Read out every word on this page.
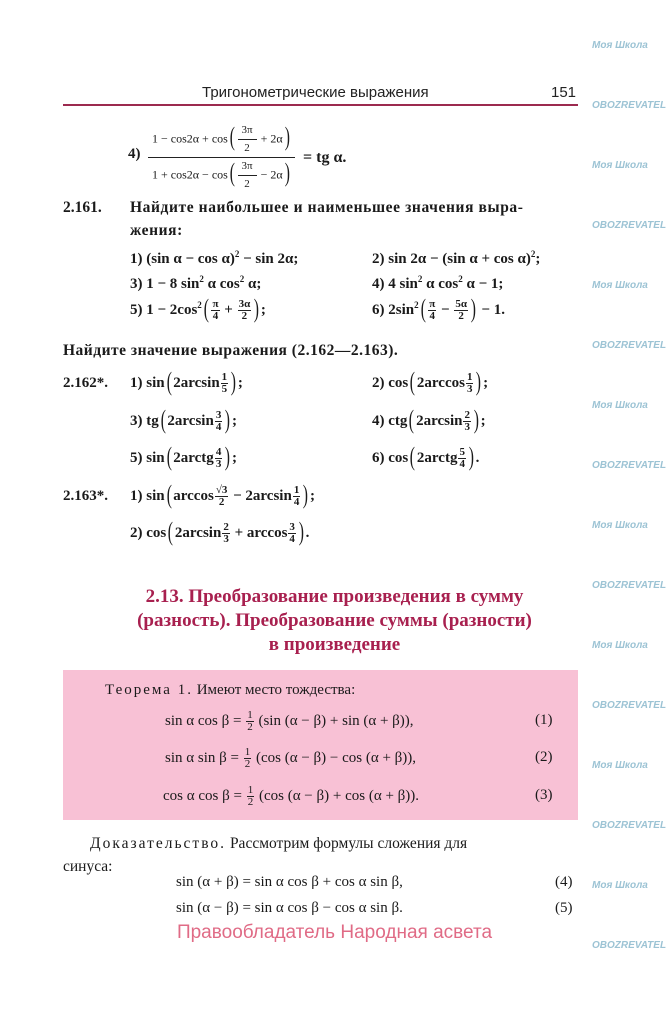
Моя Школа
OBOZREVATEL
Моя Школа
OBOZREVATEL
Моя Школа
OBOZREVATEL
Моя Школа
OBOZREVATEL
Моя Школа
OBOZREVATEL
Моя Школа
OBOZREVATEL
Моя Школа
OBOZREVATEL
Моя Школа
OBOZREVATEL
Тригонометрические выражения	151
$4) \frac{1 - \cos 2\alpha + \cos( \frac{3\pi}{2} + 2\alpha)}{1 + \cos 2\alpha - \cos( \frac{3\pi}{2} - 2\alpha)}$ = tg α.
2.161. Найдите наибольшее и наименьшее значения выра-
жения:
1) (sin α − cos α)$^2$ − sin 2α;	2) sin 2α − (sin α + cos α)$^2$;
3) 1 − 8 $\sin^2 \alpha$ $\cos^2 \alpha$;	4) 4 $\sin^2 \alpha$ $\cos^2 \alpha - 1$;
5) $1 - 2\cos^2( \frac{\pi}{4} + \frac{3\alpha}{2}$ ) ;	6) $2\sin^2( \frac{\pi}{4} - \frac{5\alpha}{2}$ ) − 1.
Найдите значение выражения (2.162—2.163).
2.162*. 1) sin( $2\arcsin \frac{1}{5}$ ) ;	2) cos( $2\arccos \frac{1}{3}$ ) ;
3) tg( $2\arcsin \frac{3}{4}$ ) ;	4) ctg( $2\arcsin \frac{2}{3}$ ) ;
5) sin( 2arctg $\frac{4}{3}$ ) ;	6) cos( 2arctg $\frac{5}{4}$ ) .
2.163*. 1) sin( $\arccos \frac{√3}{2} - 2\arcsin \frac{1}{4}$ ) ;
2) cos( $2\arcsin \frac{2}{3} + \arccos \frac{3}{4}$ ) .
2.13. Преобразование произведения в сумму
(разность). Преобразование суммы (разности)
в произведение
Теорема 1. Имеют место тождества:
sin α $\cos \beta = \frac{1}{2} (\sin$ (α − β) + sin (α + β)),	(1)
sin α $\sin \beta = \frac{1}{2} (\cos$ (α − β) − cos (α + β)),	(2)
cos α $\cos \beta = \frac{1}{2} (\cos$ (α − β) + cos (α + β)).	(3)
Доказательство. Рассмотрим формулы сложения для
синуса:
sin (α + β) = sin α cos β + cos α sin β,	(4)
sin (α − β) = sin α cos β − cos α sin β.	(5)
Правообладатель Народная асвета
